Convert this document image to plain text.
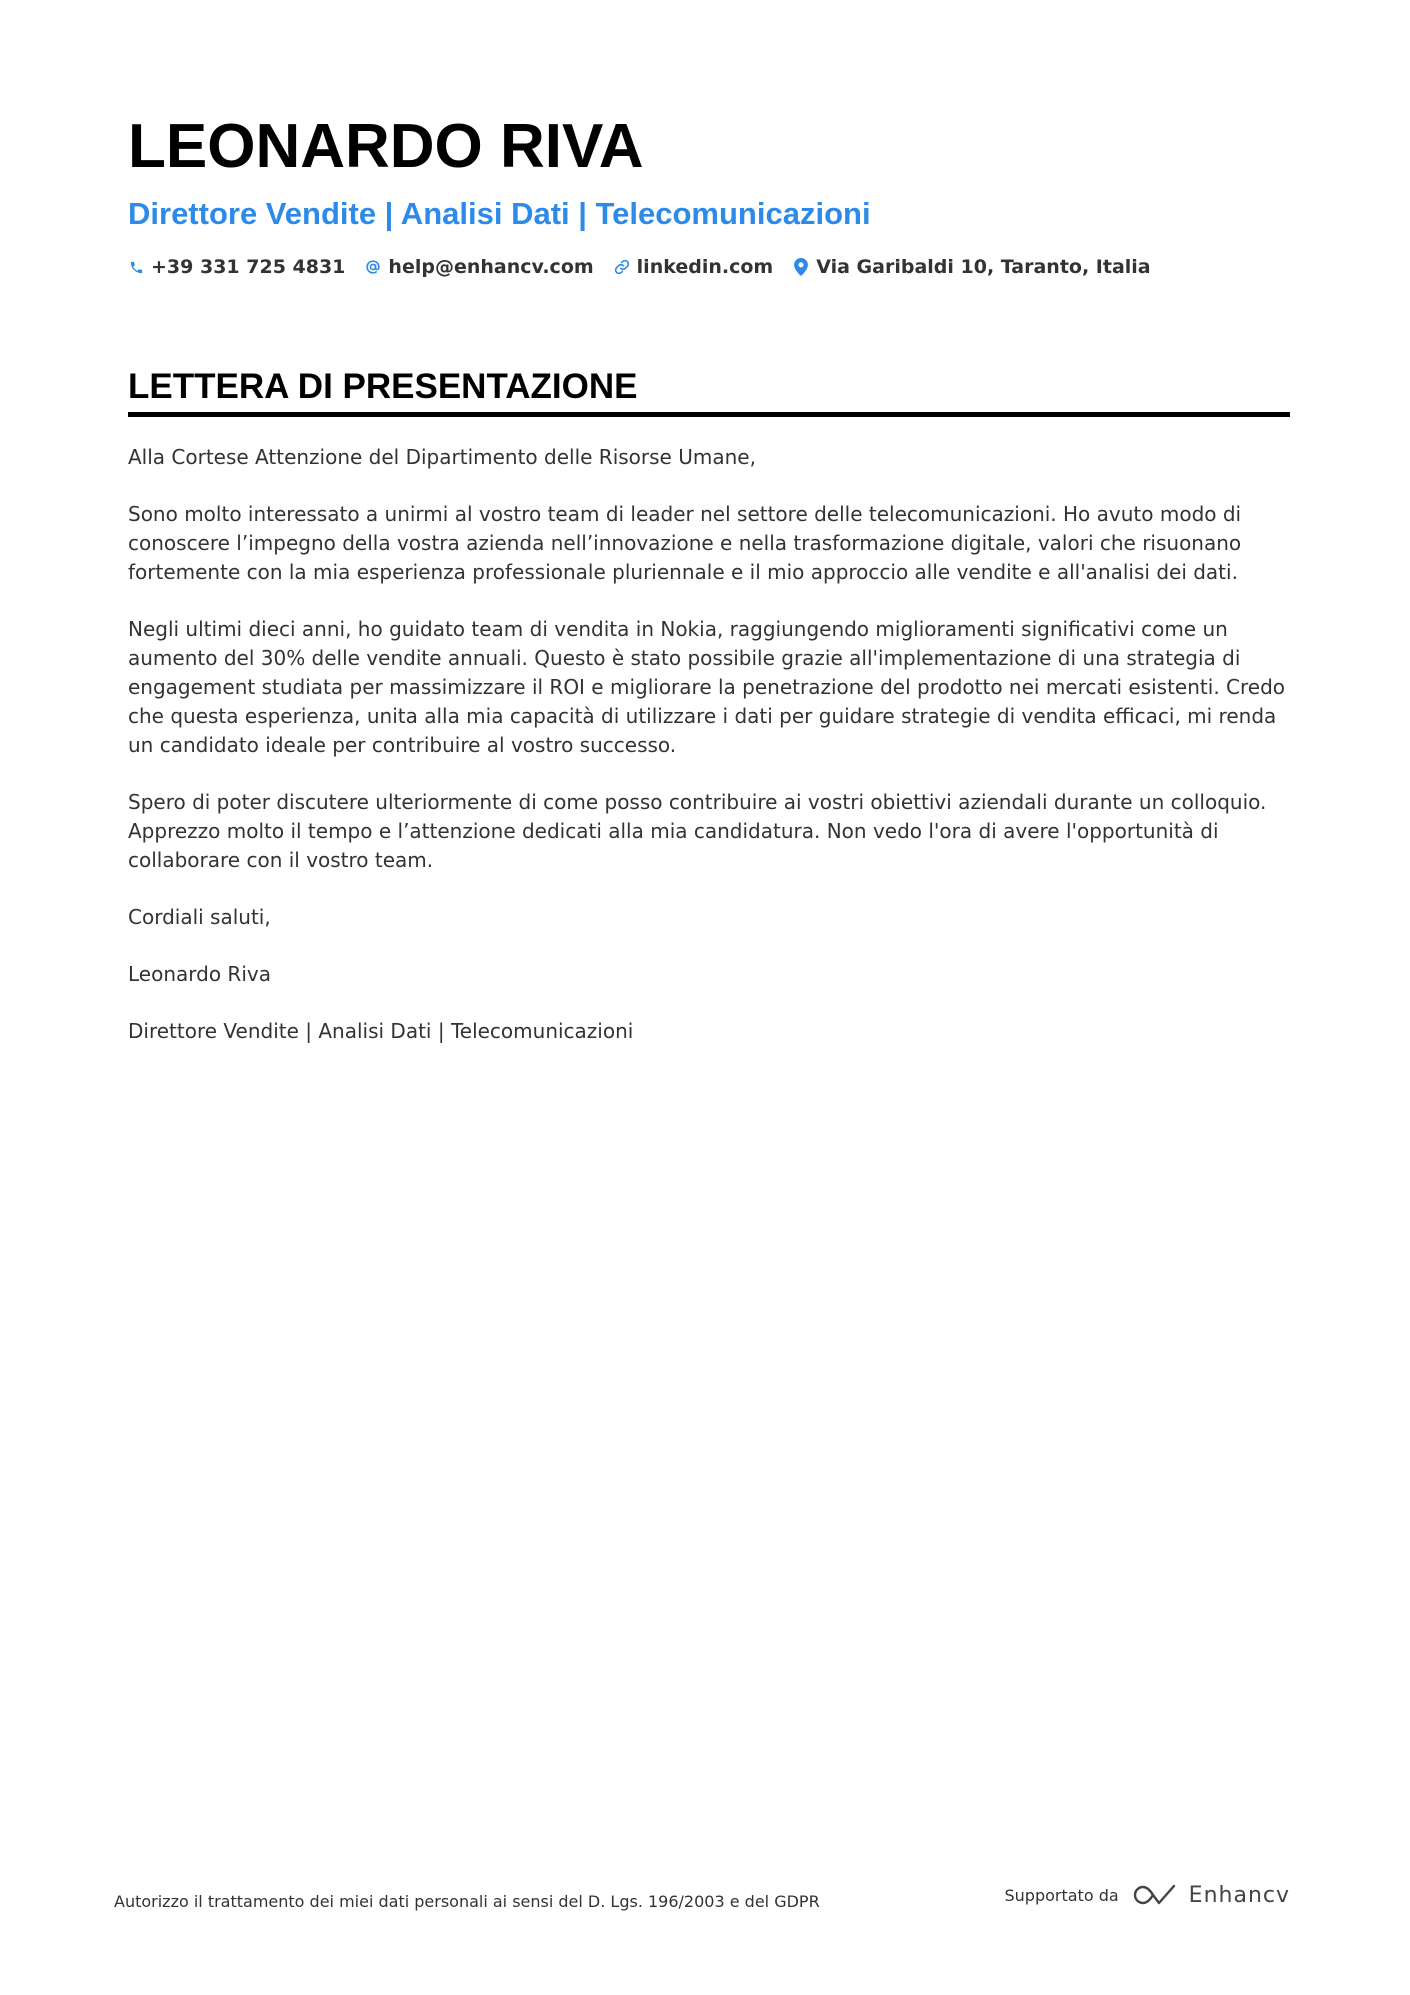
LEONARDO RIVA
Direttore Vendite | Analisi Dati | Telecomunicazioni
+39 331 725 4831 help@enhancv.com linkedin.com Via Garibaldi 10, Taranto, Italia
LETTERA DI PRESENTAZIONE

Alla Cortese Attenzione del Dipartimento delle Risorse Umane,

Sono molto interessato a unirmi al vostro team di leader nel settore delle telecomunicazioni. Ho avuto modo di conoscere l’impegno della vostra azienda nell’innovazione e nella trasformazione digitale, valori che risuonano fortemente con la mia esperienza professionale pluriennale e il mio approccio alle vendite e all'analisi dei dati.

Negli ultimi dieci anni, ho guidato team di vendita in Nokia, raggiungendo miglioramenti significativi come un aumento del 30% delle vendite annuali. Questo è stato possibile grazie all'implementazione di una strategia di engagement studiata per massimizzare il ROI e migliorare la penetrazione del prodotto nei mercati esistenti. Credo che questa esperienza, unita alla mia capacità di utilizzare i dati per guidare strategie di vendita efficaci, mi renda un candidato ideale per contribuire al vostro successo.

Spero di poter discutere ulteriormente di come posso contribuire ai vostri obiettivi aziendali durante un colloquio. Apprezzo molto il tempo e l’attenzione dedicati alla mia candidatura. Non vedo l'ora di avere l'opportunità di collaborare con il vostro team.

Cordiali saluti,

Leonardo Riva

Direttore Vendite | Analisi Dati | Telecomunicazioni

Autorizzo il trattamento dei miei dati personali ai sensi del D. Lgs. 196/2003 e del GDPR	Supportato da	Enhancv
